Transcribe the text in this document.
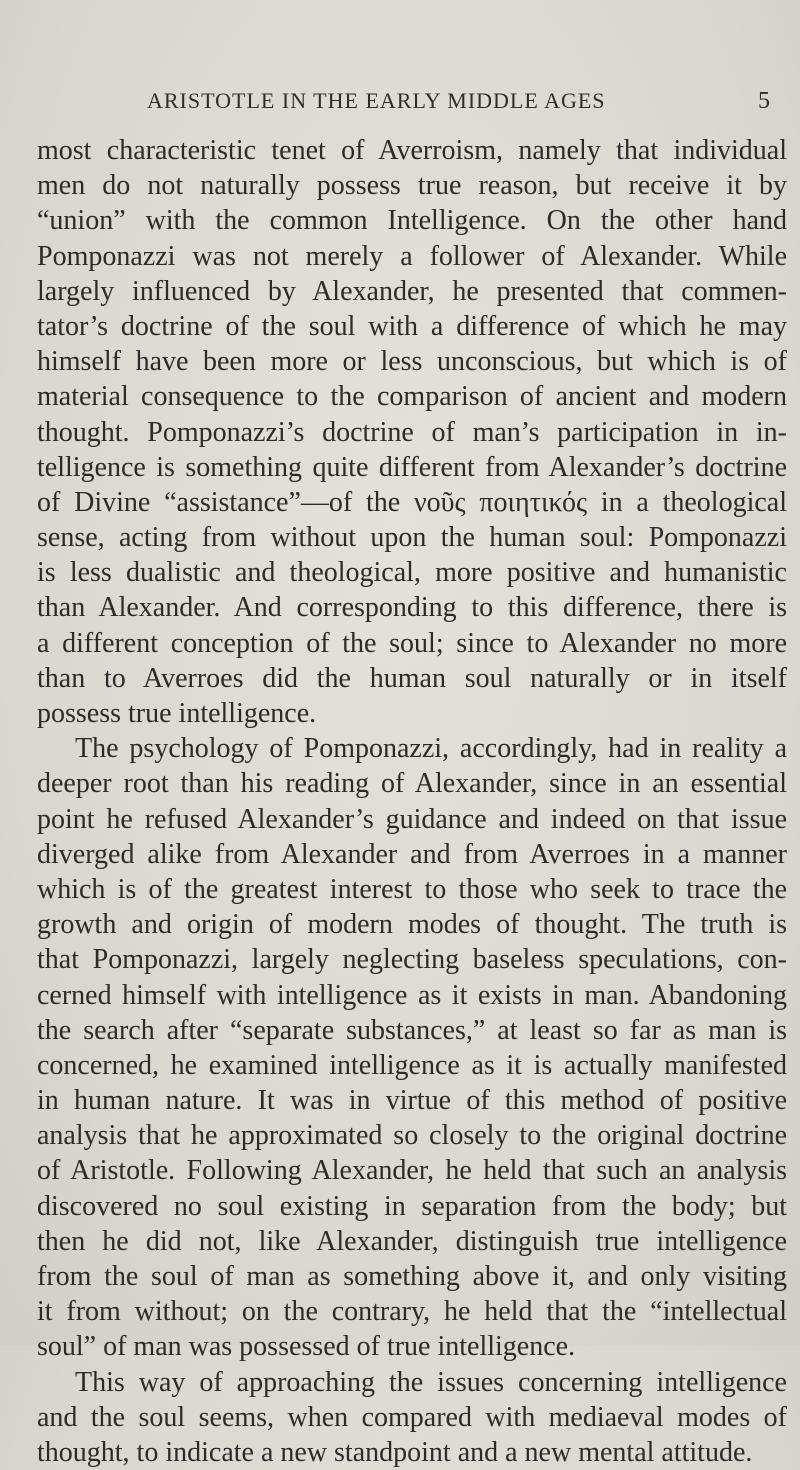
ARISTOTLE IN THE EARLY MIDDLE AGES	5
most characteristic tenet of Averroism, namely that individual
men do not naturally possess true reason, but receive it by
“union” with the common Intelligence. On the other hand
Pomponazzi was not merely a follower of Alexander. While
largely influenced by Alexander, he presented that commen-
tator’s doctrine of the soul with a difference of which he may
himself have been more or less unconscious, but which is of
material consequence to the comparison of ancient and modern
thought. Pomponazzi’s doctrine of man’s participation in in-
telligence is something quite different from Alexander’s doctrine
of Divine “assistance”—of the νοῦς ποιητικός in a theological
sense, acting from without upon the human soul: Pomponazzi
is less dualistic and theological, more positive and humanistic
than Alexander. And corresponding to this difference, there is
a different conception of the soul; since to Alexander no more
than to Averroes did the human soul naturally or in itself
possess true intelligence.
The psychology of Pomponazzi, accordingly, had in reality a
deeper root than his reading of Alexander, since in an essential
point he refused Alexander’s guidance and indeed on that issue
diverged alike from Alexander and from Averroes in a manner
which is of the greatest interest to those who seek to trace the
growth and origin of modern modes of thought. The truth is
that Pomponazzi, largely neglecting baseless speculations, con-
cerned himself with intelligence as it exists in man. Abandoning
the search after “separate substances,” at least so far as man is
concerned, he examined intelligence as it is actually manifested
in human nature. It was in virtue of this method of positive
analysis that he approximated so closely to the original doctrine
of Aristotle. Following Alexander, he held that such an analysis
discovered no soul existing in separation from the body; but
then he did not, like Alexander, distinguish true intelligence
from the soul of man as something above it, and only visiting
it from without; on the contrary, he held that the “intellectual
soul” of man was possessed of true intelligence.
This way of approaching the issues concerning intelligence
and the soul seems, when compared with mediaeval modes of
thought, to indicate a new standpoint and a new mental attitude.
